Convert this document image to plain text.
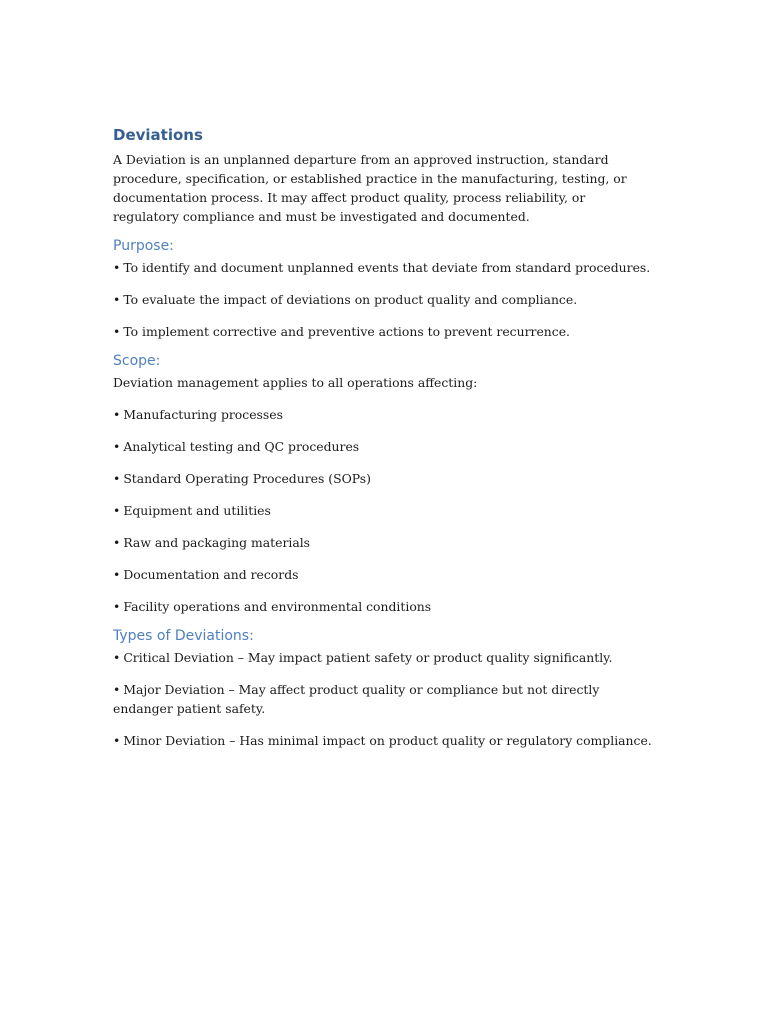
Deviations

A Deviation is an unplanned departure from an approved instruction, standard procedure, specification, or established practice in the manufacturing, testing, or documentation process. It may affect product quality, process reliability, or regulatory compliance and must be investigated and documented.

Purpose:
• To identify and document unplanned events that deviate from standard procedures.
• To evaluate the impact of deviations on product quality and compliance.
• To implement corrective and preventive actions to prevent recurrence.
Scope:

Deviation management applies to all operations affecting:

• Manufacturing processes
• Analytical testing and QC procedures
• Standard Operating Procedures (SOPs)
• Equipment and utilities
• Raw and packaging materials
• Documentation and records
• Facility operations and environmental conditions
Types of Deviations:
• Critical Deviation – May impact patient safety or product quality significantly.
• Major Deviation – May affect product quality or compliance but not directly endanger patient safety.
• Minor Deviation – Has minimal impact on product quality or regulatory compliance.
